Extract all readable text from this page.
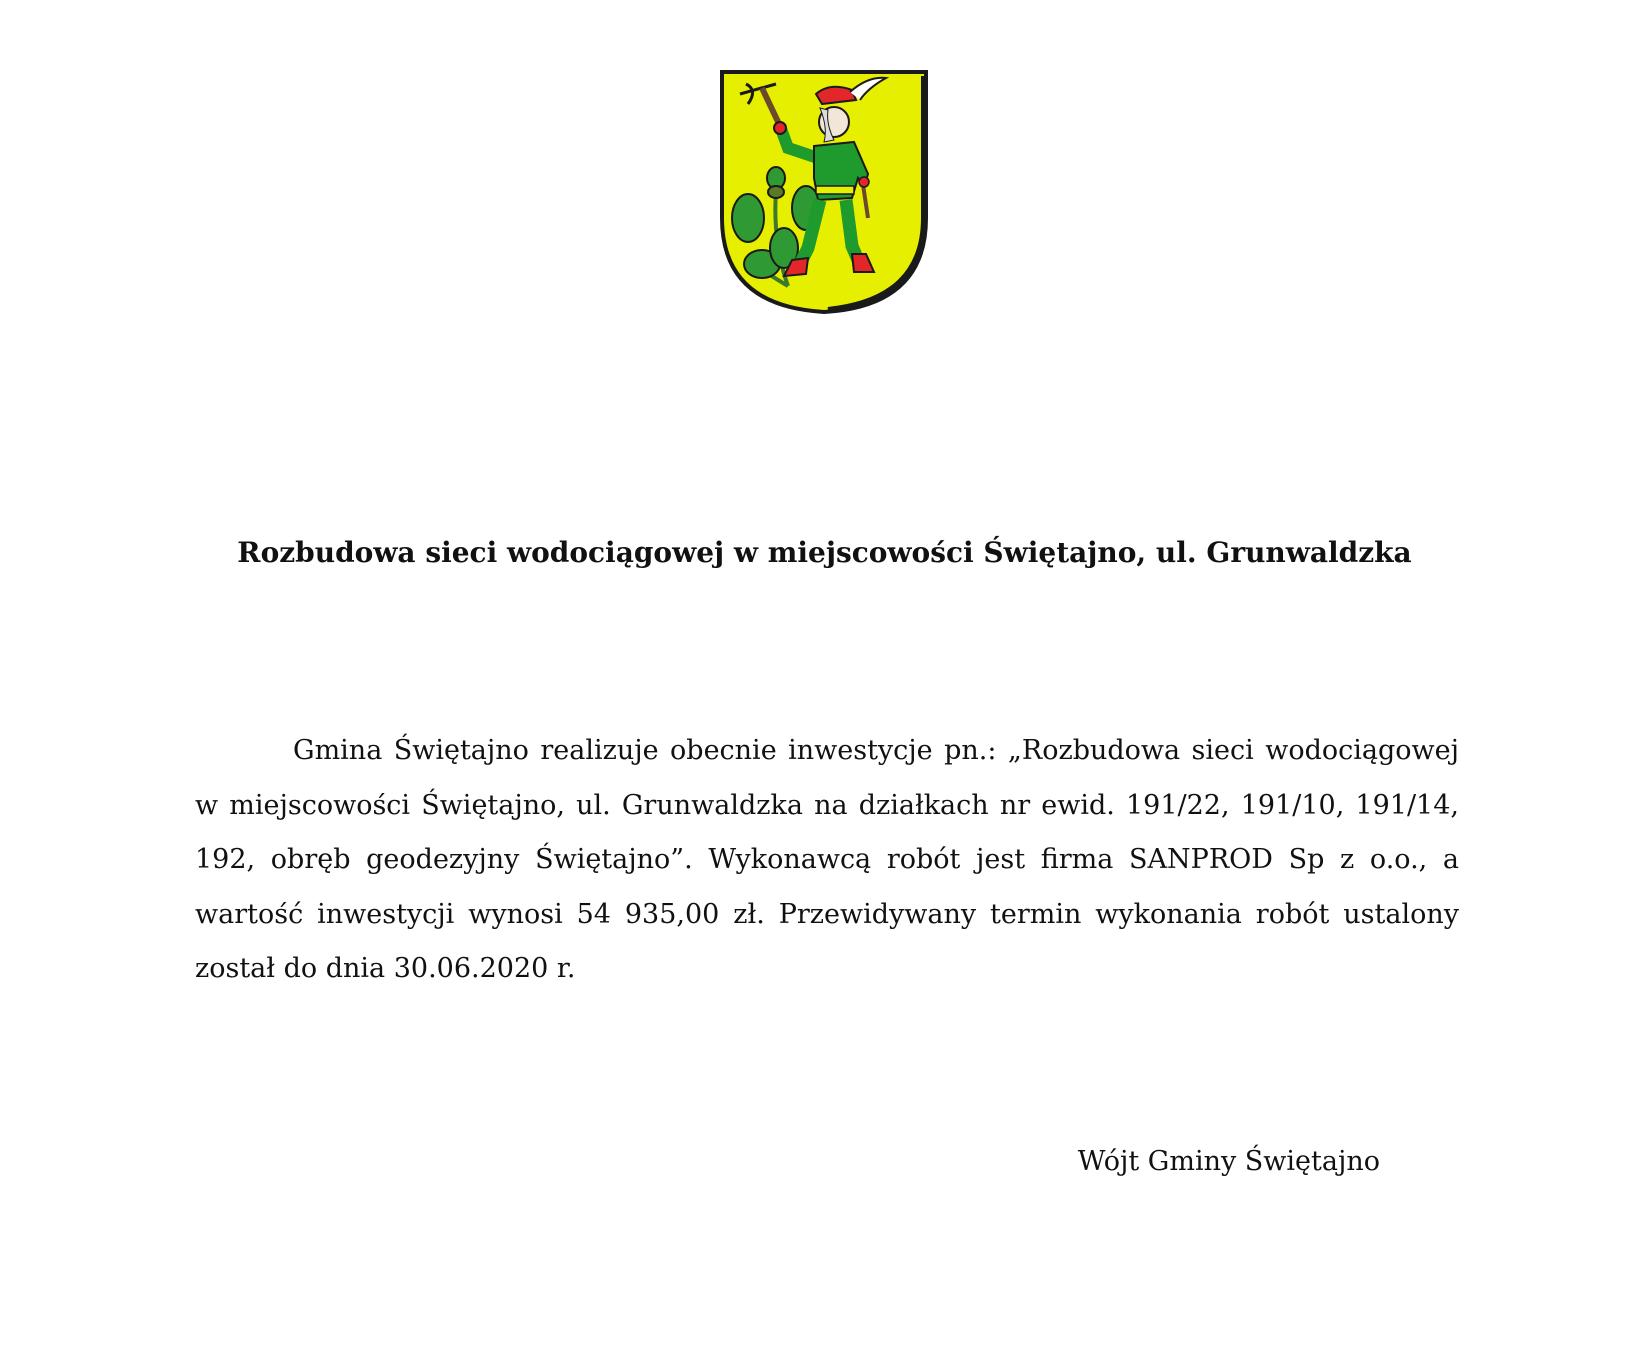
Rozbudowa sieci wodociągowej w miejscowości Świętajno, ul. Grunwaldzka

Gmina Świętajno realizuje obecnie inwestycje pn.: „Rozbudowa sieci wodociągowej w miejscowości Świętajno, ul. Grunwaldzka na działkach nr ewid. 191/22, 191/10, 191/14, 192, obręb geodezyjny Świętajno”. Wykonawcą robót jest firma SANPROD Sp z o.o., a wartość inwestycji wynosi 54 935,00 zł. Przewidywany termin wykonania robót ustalony został do dnia 30.06.2020 r.

Wójt Gminy Świętajno
